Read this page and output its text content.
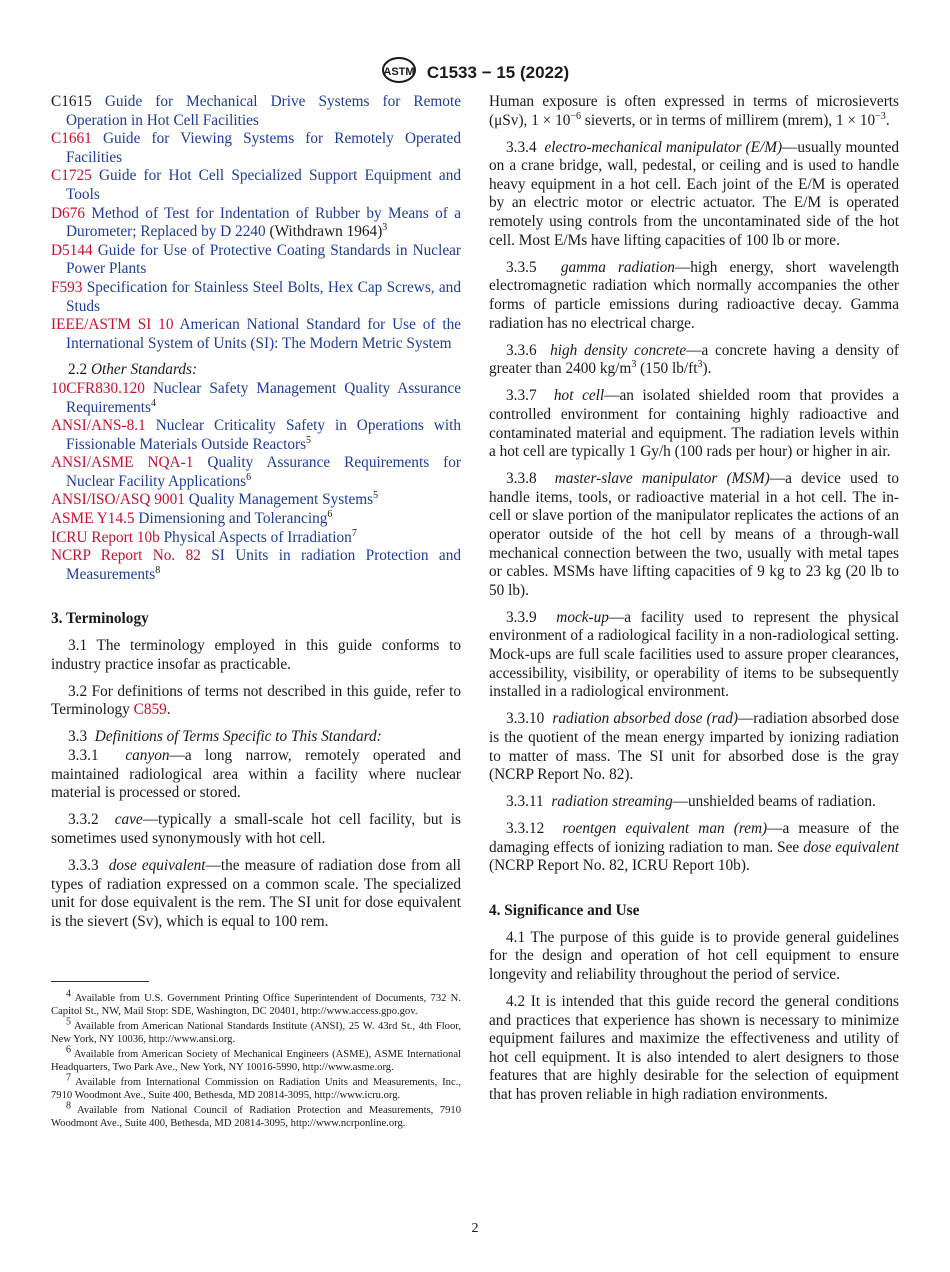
ASTM C1533 − 15 (2022)
C1615 Guide for Mechanical Drive Systems for Remote Operation in Hot Cell Facilities
C1661 Guide for Viewing Systems for Remotely Operated Facilities
C1725 Guide for Hot Cell Specialized Support Equipment and Tools
D676 Method of Test for Indentation of Rubber by Means of a Durometer; Replaced by D 2240 (Withdrawn 1964)$^3$
D5144 Guide for Use of Protective Coating Standards in Nuclear Power Plants
F593 Specification for Stainless Steel Bolts, Hex Cap Screws, and Studs
IEEE/ASTM SI 10 American National Standard for Use of the International System of Units (SI): The Modern Metric System
2.2 Other Standards:
10CFR830.120 Nuclear Safety Management Quality Assurance Requirements$^4$
ANSI/ANS-8.1 Nuclear Criticality Safety in Operations with Fissionable Materials Outside Reactors$^5$
ANSI/ASME NQA-1 Quality Assurance Requirements for Nuclear Facility Applications$^6$
ANSI/ISO/ASQ 9001 Quality Management Systems$^5$
ASME Y14.5 Dimensioning and Tolerancing$^6$
ICRU Report 10b Physical Aspects of Irradiation$^7$
NCRP Report No. 82 SI Units in radiation Protection and Measurements$^8$
3. Terminology

3.1 The terminology employed in this guide conforms to industry practice insofar as practicable.

3.2 For definitions of terms not described in this guide, refer to Terminology C859.

3.3 Definitions of Terms Specific to This Standard:

3.3.1 canyon—a long narrow, remotely operated and maintained radiological area within a facility where nuclear material is processed or stored.

3.3.2 cave—typically a small-scale hot cell facility, but is sometimes used synonymously with hot cell.

3.3.3 dose equivalent—the measure of radiation dose from all types of radiation expressed on a common scale. The specialized unit for dose equivalent is the rem. The SI unit for dose equivalent is the sievert (Sv), which is equal to 100 rem.

$^4$ Available from U.S. Government Printing Office Superintendent of Documents, 732 N. Capitol St., NW, Mail Stop: SDE, Washington, DC 20401, http://www.access.gpo.gov.
$^5$ Available from American National Standards Institute (ANSI), 25 W. 43rd St., 4th Floor, New York, NY 10036, http://www.ansi.org.
$^6$ Available from American Society of Mechanical Engineers (ASME), ASME International Headquarters, Two Park Ave., New York, NY 10016-5990, http://www.asme.org.
$^7$ Available from International Commission on Radiation Units and Measurements, Inc., 7910 Woodmont Ave., Suite 400, Bethesda, MD 20814-3095, http://www.icru.org.
$^8$ Available from National Council of Radiation Protection and Measurements, 7910 Woodmont Ave., Suite 400, Bethesda, MD 20814-3095, http://www.ncrponline.org.

Human exposure is often expressed in terms of microsieverts (μSv), $1 \times 10^{-6}$ sieverts, or in terms of millirem (mrem), $1 \times 10^{-3}$.

3.3.4 electro-mechanical manipulator (E/M)—usually mounted on a crane bridge, wall, pedestal, or ceiling and is used to handle heavy equipment in a hot cell. Each joint of the E/M is operated by an electric motor or electric actuator. The E/M is operated remotely using controls from the uncontaminated side of the hot cell. Most E/Ms have lifting capacities of 100 lb or more.

3.3.5 gamma radiation—high energy, short wavelength electromagnetic radiation which normally accompanies the other forms of particle emissions during radioactive decay. Gamma radiation has no electrical charge.

3.3.6 high density concrete—a concrete having a density of greater than 2400 $kg/m^3$ (150 $lb/ft^3$).

3.3.7 hot cell—an isolated shielded room that provides a controlled environment for containing highly radioactive and contaminated material and equipment. The radiation levels within a hot cell are typically 1 Gy/h (100 rads per hour) or higher in air.

3.3.8 master-slave manipulator (MSM)—a device used to handle items, tools, or radioactive material in a hot cell. The in-cell or slave portion of the manipulator replicates the actions of an operator outside of the hot cell by means of a through-wall mechanical connection between the two, usually with metal tapes or cables. MSMs have lifting capacities of 9 kg to 23 kg (20 lb to 50 lb).

3.3.9 mock-up—a facility used to represent the physical environment of a radiological facility in a non-radiological setting. Mock-ups are full scale facilities used to assure proper clearances, accessibility, visibility, or operability of items to be subsequently installed in a radiological environment.

3.3.10 radiation absorbed dose (rad)—radiation absorbed dose is the quotient of the mean energy imparted by ionizing radiation to matter of mass. The SI unit for absorbed dose is the gray (NCRP Report No. 82).

3.3.11 radiation streaming—unshielded beams of radiation.

3.3.12 roentgen equivalent man (rem)—a measure of the damaging effects of ionizing radiation to man. See dose equivalent (NCRP Report No. 82, ICRU Report 10b).

4. Significance and Use

4.1 The purpose of this guide is to provide general guidelines for the design and operation of hot cell equipment to ensure longevity and reliability throughout the period of service.

4.2 It is intended that this guide record the general conditions and practices that experience has shown is necessary to minimize equipment failures and maximize the effectiveness and utility of hot cell equipment. It is also intended to alert designers to those features that are highly desirable for the selection of equipment that has proven reliable in high radiation environments.

2
